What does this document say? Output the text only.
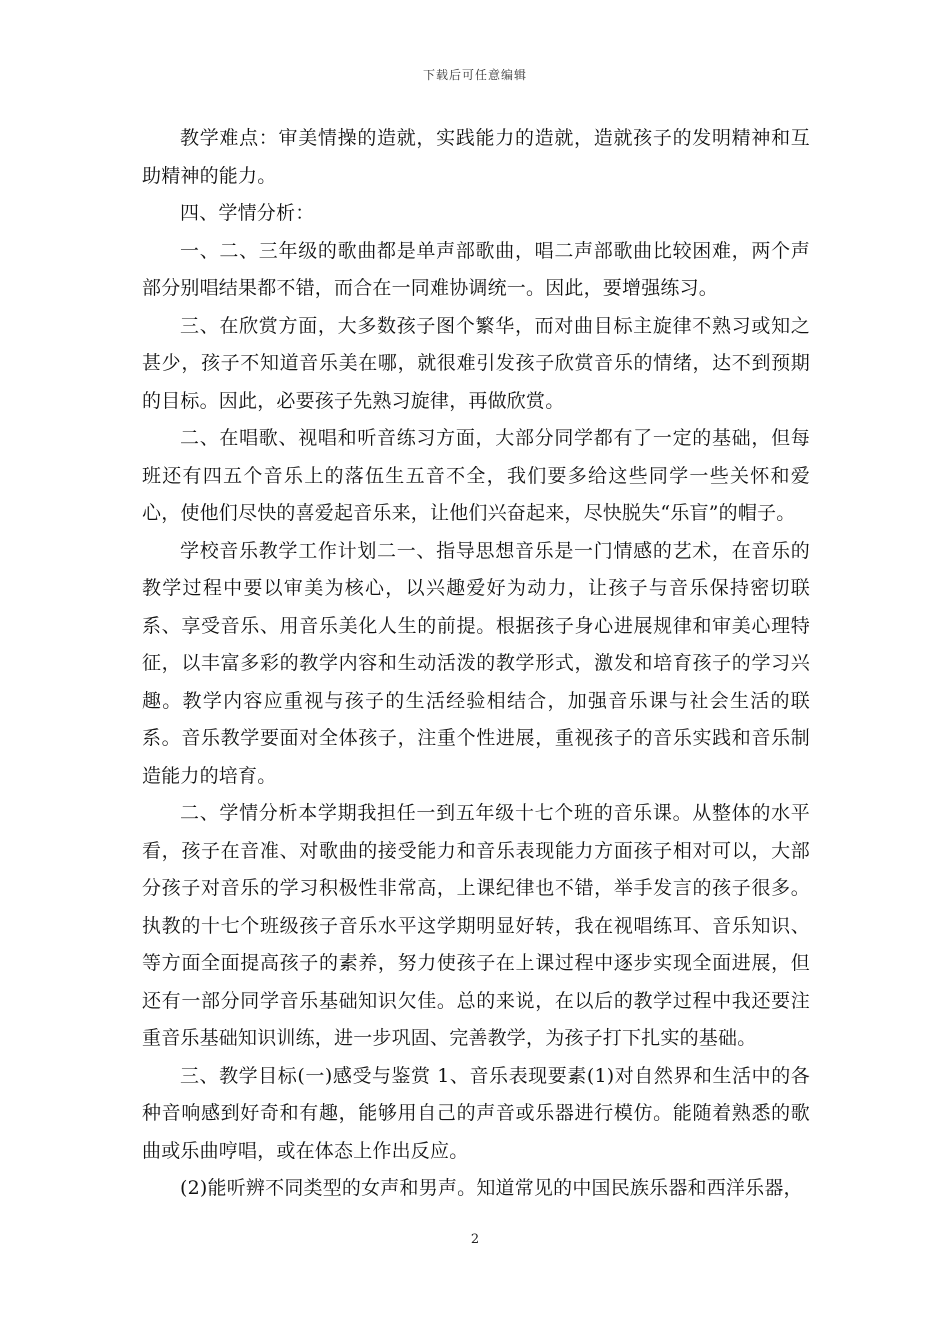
下载后可任意编辑

教学难点：审美情操的造就，实践能力的造就，造就孩子的发明精神和互助精神的能力。

四、学情分析：

一、二、三年级的歌曲都是单声部歌曲，唱二声部歌曲比较困难，两个声部分别唱结果都不错，而合在一同难协调统一。因此，要增强练习。

三、在欣赏方面，大多数孩子图个繁华，而对曲目标主旋律不熟习或知之甚少，孩子不知道音乐美在哪，就很难引发孩子欣赏音乐的情绪，达不到预期的目标。因此，必要孩子先熟习旋律，再做欣赏。

二、在唱歌、视唱和听音练习方面，大部分同学都有了一定的基础，但每班还有四五个音乐上的落伍生五音不全，我们要多给这些同学一些关怀和爱心，使他们尽快的喜爱起音乐来，让他们兴奋起来，尽快脱失“乐盲”的帽子。

学校音乐教学工作计划二一、指导思想音乐是一门情感的艺术，在音乐的教学过程中要以审美为核心，以兴趣爱好为动力，让孩子与音乐保持密切联系、享受音乐、用音乐美化人生的前提。根据孩子身心进展规律和审美心理特征，以丰富多彩的教学内容和生动活泼的教学形式，激发和培育孩子的学习兴趣。教学内容应重视与孩子的生活经验相结合，加强音乐课与社会生活的联系。音乐教学要面对全体孩子，注重个性进展，重视孩子的音乐实践和音乐制造能力的培育。

二、学情分析本学期我担任一到五年级十七个班的音乐课。从整体的水平看，孩子在音准、对歌曲的接受能力和音乐表现能力方面孩子相对可以，大部分孩子对音乐的学习积极性非常高，上课纪律也不错，举手发言的孩子很多。执教的十七个班级孩子音乐水平这学期明显好转，我在视唱练耳、音乐知识、等方面全面提高孩子的素养，努力使孩子在上课过程中逐步实现全面进展，但还有一部分同学音乐基础知识欠佳。总的来说，在以后的教学过程中我还要注重音乐基础知识训练，进一步巩固、完善教学，为孩子打下扎实的基础。

三、教学目标(一)感受与鉴赏 1、音乐表现要素(1)对自然界和生活中的各种音响感到好奇和有趣，能够用自己的声音或乐器进行模仿。能随着熟悉的歌曲或乐曲哼唱，或在体态上作出反应。

(2)能听辨不同类型的女声和男声。知道常见的中国民族乐器和西洋乐器，

2
